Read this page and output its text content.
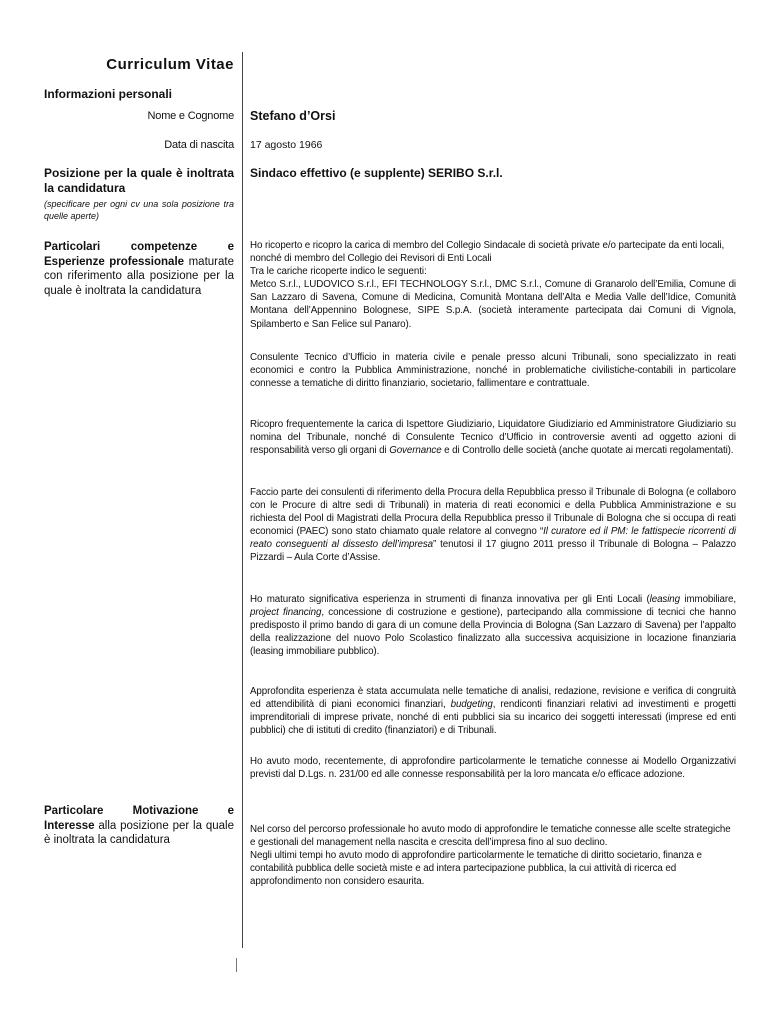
Curriculum Vitae
Informazioni personali
Nome e Cognome Stefano d’Orsi
Data di nascita 17 agosto 1966
Posizione per la quale è inoltrata la candidatura
(specificare per ogni cv una sola posizione tra quelle aperte)
Sindaco effettivo (e supplente) SERIBO S.r.l.
Particolari competenze e Esperienze professionale maturate con riferimento alla posizione per la quale è inoltrata la candidatura
Ho ricoperto e ricopro la carica di membro del Collegio Sindacale di società private e/o partecipate da enti locali, nonché di membro del Collegio dei Revisori di Enti Locali
Tra le cariche ricoperte indico le seguenti:
Metco S.r.l., LUDOVICO S.r.l., EFI TECHNOLOGY S.r.l., DMC S.r.l., Comune di Granarolo dell’Emilia, Comune di San Lazzaro di Savena, Comune di Medicina, Comunità Montana dell’Alta e Media Valle dell’Idice, Comunità Montana dell’Appennino Bolognese, SIPE S.p.A. (società interamente partecipata dai Comuni di Vignola, Spilamberto e San Felice sul Panaro).
Consulente Tecnico d’Ufficio in materia civile e penale presso alcuni Tribunali, sono specializzato in reati economici e contro la Pubblica Amministrazione, nonché in problematiche civilistiche-contabili in particolare connesse a tematiche di diritto finanziario, societario, fallimentare e contrattuale.
Ricopro frequentemente la carica di Ispettore Giudiziario, Liquidatore Giudiziario ed Amministratore Giudiziario su nomina del Tribunale, nonché di Consulente Tecnico d’Ufficio in controversie aventi ad oggetto azioni di responsabilità verso gli organi di Governance e di Controllo delle società (anche quotate ai mercati regolamentati).
Faccio parte dei consulenti di riferimento della Procura della Repubblica presso il Tribunale di Bologna (e collaboro con le Procure di altre sedi di Tribunali) in materia di reati economici e della Pubblica Amministrazione e su richiesta del Pool di Magistrati della Procura della Repubblica presso il Tribunale di Bologna che si occupa di reati economici (PAEC) sono stato chiamato quale relatore al convegno “Il curatore ed il PM: le fattispecie ricorrenti di reato conseguenti al dissesto dell’impresa” tenutosi il 17 giugno 2011 presso il Tribunale di Bologna – Palazzo Pizzardi – Aula Corte d’Assise.
Ho maturato significativa esperienza in strumenti di finanza innovativa per gli Enti Locali (leasing immobiliare, project financing, concessione di costruzione e gestione), partecipando alla commissione di tecnici che hanno predisposto il primo bando di gara di un comune della Provincia di Bologna (San Lazzaro di Savena) per l’appalto della realizzazione del nuovo Polo Scolastico finalizzato alla successiva acquisizione in locazione finanziaria (leasing immobiliare pubblico).
Approfondita esperienza è stata accumulata nelle tematiche di analisi, redazione, revisione e verifica di congruità ed attendibilità di piani economici finanziari, budgeting, rendiconti finanziari relativi ad investimenti e progetti imprenditoriali di imprese private, nonché di enti pubblici sia su incarico dei soggetti interessati (imprese ed enti pubblici) che di istituti di credito (finanziatori) e di Tribunali.
Ho avuto modo, recentemente, di approfondire particolarmente le tematiche connesse ai Modello Organizzativi previsti dal D.Lgs. n. 231/00 ed alle connesse responsabilità per la loro mancata e/o efficace adozione.
Particolare Motivazione e Interesse alla posizione per la quale è inoltrata la candidatura
Nel corso del percorso professionale ho avuto modo di approfondire le tematiche connesse alle scelte strategiche e gestionali del management nella nascita e crescita dell’impresa fino al suo declino.
Negli ultimi tempi ho avuto modo di approfondire particolarmente le tematiche di diritto societario, finanza e contabilità pubblica delle società miste e ad intera partecipazione pubblica, la cui attività di ricerca ed approfondimento non considero esaurita.
